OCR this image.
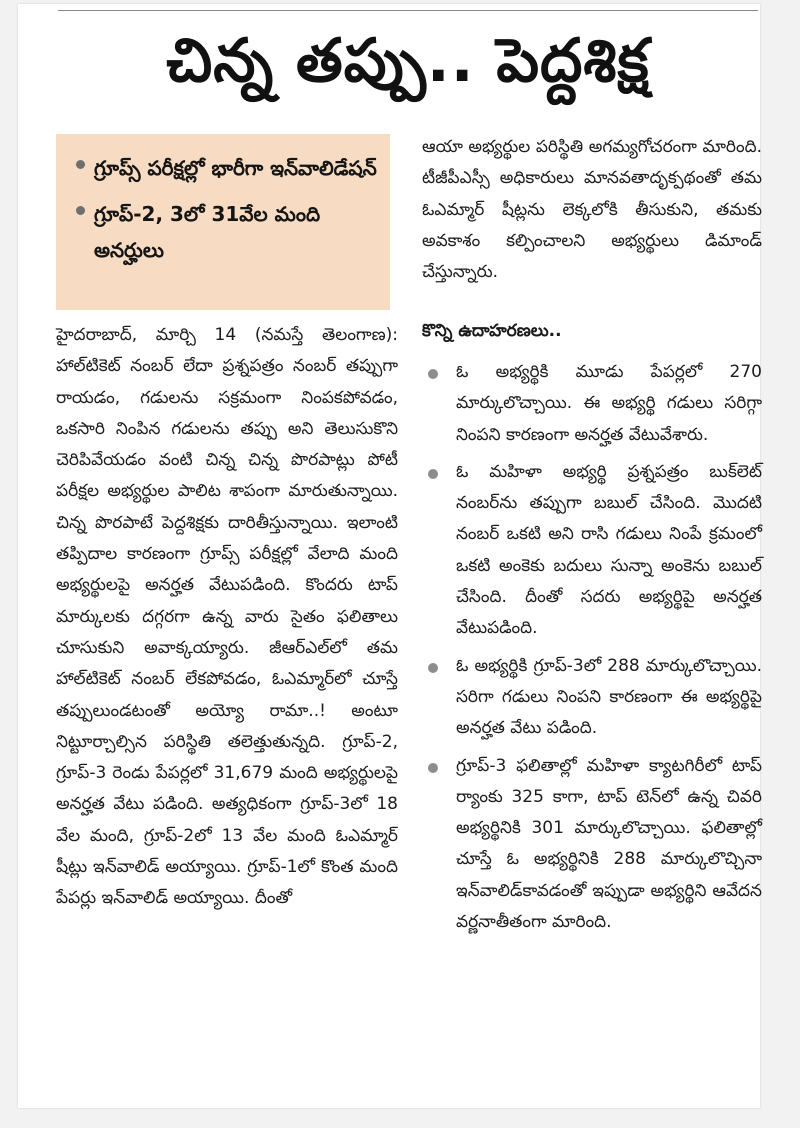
చిన్న తప్పు.. పెద్దశిక్ష
గ్రూప్స్ పరీక్షల్లో భారీగా ఇన్‌వాలిడేషన్
గ్రూప్-2, 3లో 31వేల మంది అనర్హులు
హైదరాబాద్, మార్చి 14 (నమస్తే తెలంగాణ): హాల్‌టికెట్ నంబర్ లేదా ప్రశ్నపత్రం నంబర్ తప్పుగా రాయడం, గడులను సక్రమంగా నింపకపోవడం, ఒకసారి నింపిన గడులను తప్పు అని తెలుసుకొని చెరిపివేయడం వంటి చిన్న చిన్న పొరపాట్లు పోటీ పరీక్షల అభ్యర్థుల పాలిట శాపంగా మారుతున్నాయి. చిన్న పొరపాటే పెద్దశిక్షకు దారితీస్తున్నాయి. ఇలాంటి తప్పిదాల కారణంగా గ్రూప్స్ పరీక్షల్లో వేలాది మంది అభ్యర్థులపై అనర్హత వేటుపడింది. కొందరు టాప్ మార్కులకు దగ్గరగా ఉన్న వారు సైతం ఫలితాలు చూసుకుని అవాక్కయ్యారు. జీఆర్‌ఎల్‌లో తమ హాల్‌టికెట్ నంబర్ లేకపోవడం, ఓఎమ్మార్‌లో చూస్తే తప్పులుండటంతో అయ్యో రామా..! అంటూ నిట్టూర్చాల్సిన పరిస్థితి తలెత్తుతున్నది. గ్రూప్-2, గ్రూప్-3 రెండు పేపర్లలో 31,679 మంది అభ్యర్థులపై అనర్హత వేటు పడింది. అత్యధికంగా గ్రూప్-3లో 18 వేల మంది, గ్రూప్-2లో 13 వేల మంది ఓఎమ్మార్ షీట్లు ఇన్‌వాలిడ్ అయ్యాయి. గ్రూప్-1లో కొంత మంది పేపర్లు ఇన్‌వాలిడ్ అయ్యాయి. దీంతో
ఆయా అభ్యర్థుల పరిస్థితి అగమ్యగోచరంగా మారింది. టీజీపీఎస్సీ అధికారులు మానవతాదృక్పథంతో తమ ఓఎమ్మార్ షీట్లను లెక్కలోకి తీసుకుని, తమకు అవకాశం కల్పించాలని అభ్యర్థులు డిమాండ్ చేస్తున్నారు.
కొన్ని ఉదాహరణలు..
ఓ అభ్యర్థికి మూడు పేపర్లలో 270 మార్కులొచ్చాయి. ఈ అభ్యర్థి గడులు సరిగ్గా నింపని కారణంగా అనర్హత వేటువేశారు.
ఓ మహిళా అభ్యర్థి ప్రశ్నపత్రం బుక్‌లెట్ నంబర్‌ను తప్పుగా బబుల్ చేసింది. మొదటి నంబర్ ఒకటి అని రాసి గడులు నింపే క్రమంలో ఒకటి అంకెకు బదులు సున్నా అంకెను బబుల్ చేసింది. దీంతో సదరు అభ్యర్థిపై అనర్హత వేటుపడింది.
ఓ అభ్యర్థికి గ్రూప్-3లో 288 మార్కులొచ్చాయి. సరిగా గడులు నింపని కారణంగా ఈ అభ్యర్థిపై అనర్హత వేటు పడింది.
గ్రూప్-3 ఫలితాల్లో మహిళా క్యాటగిరీలో టాప్ ర్యాంకు 325 కాగా, టాప్ టెన్‌లో ఉన్న చివరి అభ్యర్థినికి 301 మార్కులొచ్చాయి. ఫలితాల్లో చూస్తే ఓ అభ్యర్థినికి 288 మార్కులొచ్చినా ఇన్‌వాలిడ్‌కావడంతో ఇప్పుడా అభ్యర్థిని ఆవేదన వర్ణనాతీతంగా మారింది.
